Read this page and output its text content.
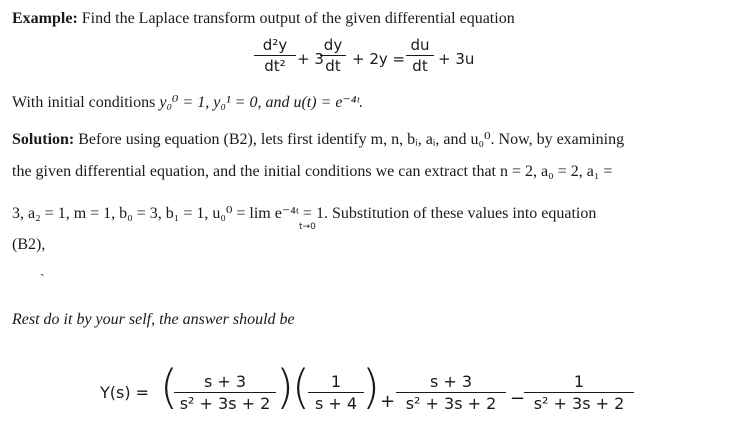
Example: Find the Laplace transform output of the given differential equation
d²y
dt² + 3
dy
dt + 2y =
du
dt + 3u
With initial conditions y₀⁰ = 1, y₀¹ = 0, and u(t) = e⁻⁴ᵗ.
Solution: Before using equation (B2), lets first identify m, n, bᵢ, aᵢ, and u₀⁰. Now, by examining
the given differential equation, and the initial conditions we can extract that n = 2, a₀ = 2, a₁ =
3, a₂ = 1, m = 1, b₀ = 3, b₁ = 1, u₀⁰ = lim e⁻⁴ᵗ = 1. Substitution of these values into equation
t→0
(B2),
ˎ
Rest do it by your self, the answer should be
Y(s) = (	s + 3
s² + 3s + 2 )
(	1
s + 4 ) +
s + 3
s² + 3s + 2 −
1
s² + 3s + 2
